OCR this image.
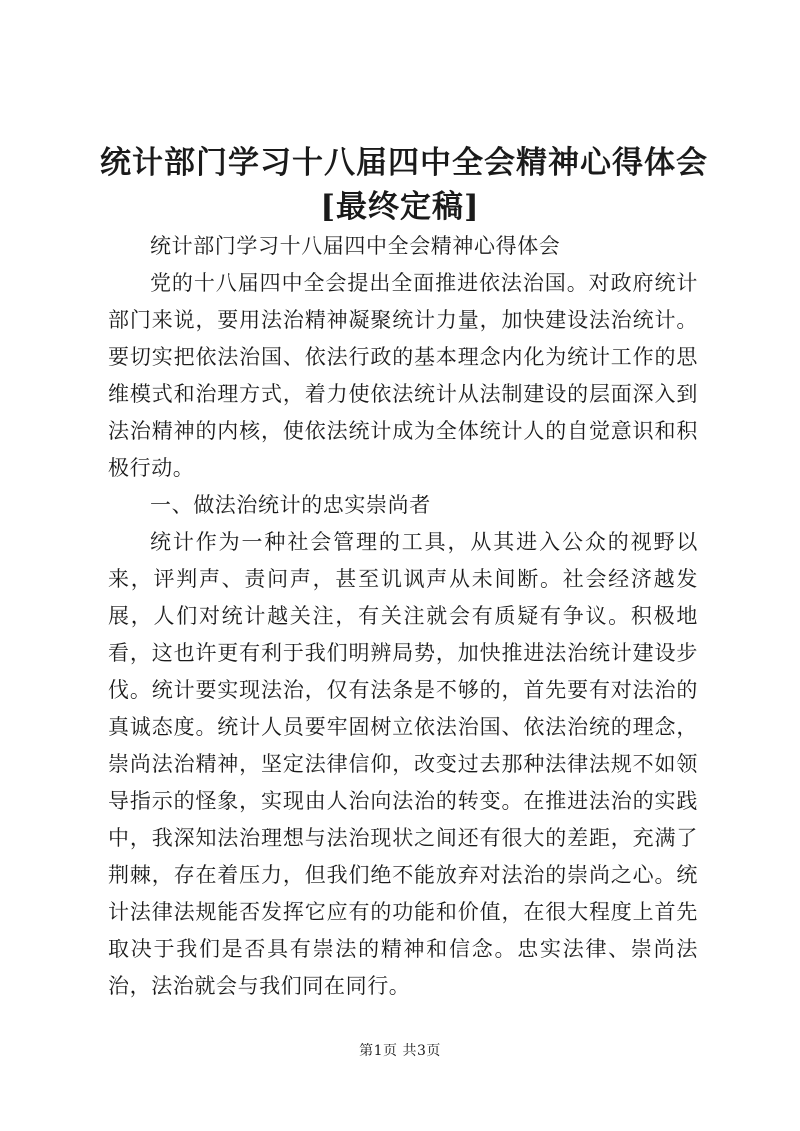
统计部门学习十八届四中全会精神心得体会
[最终定稿]

统计部门学习十八届四中全会精神心得体会

党的十八届四中全会提出全面推进依法治国。对政府统计部门来说，要用法治精神凝聚统计力量，加快建设法治统计。要切实把依法治国、依法行政的基本理念内化为统计工作的思维模式和治理方式，着力使依法统计从法制建设的层面深入到法治精神的内核，使依法统计成为全体统计人的自觉意识和积极行动。

一、做法治统计的忠实崇尚者

统计作为一种社会管理的工具，从其进入公众的视野以来，评判声、责问声，甚至讥讽声从未间断。社会经济越发展，人们对统计越关注，有关注就会有质疑有争议。积极地看，这也许更有利于我们明辨局势，加快推进法治统计建设步伐。统计要实现法治，仅有法条是不够的，首先要有对法治的真诚态度。统计人员要牢固树立依法治国、依法治统的理念，崇尚法治精神，坚定法律信仰，改变过去那种法律法规不如领导指示的怪象，实现由人治向法治的转变。在推进法治的实践中，我深知法治理想与法治现状之间还有很大的差距，充满了荆棘，存在着压力，但我们绝不能放弃对法治的崇尚之心。统计法律法规能否发挥它应有的功能和价值，在很大程度上首先取决于我们是否具有崇法的精神和信念。忠实法律、崇尚法治，法治就会与我们同在同行。

第1页 共3页
